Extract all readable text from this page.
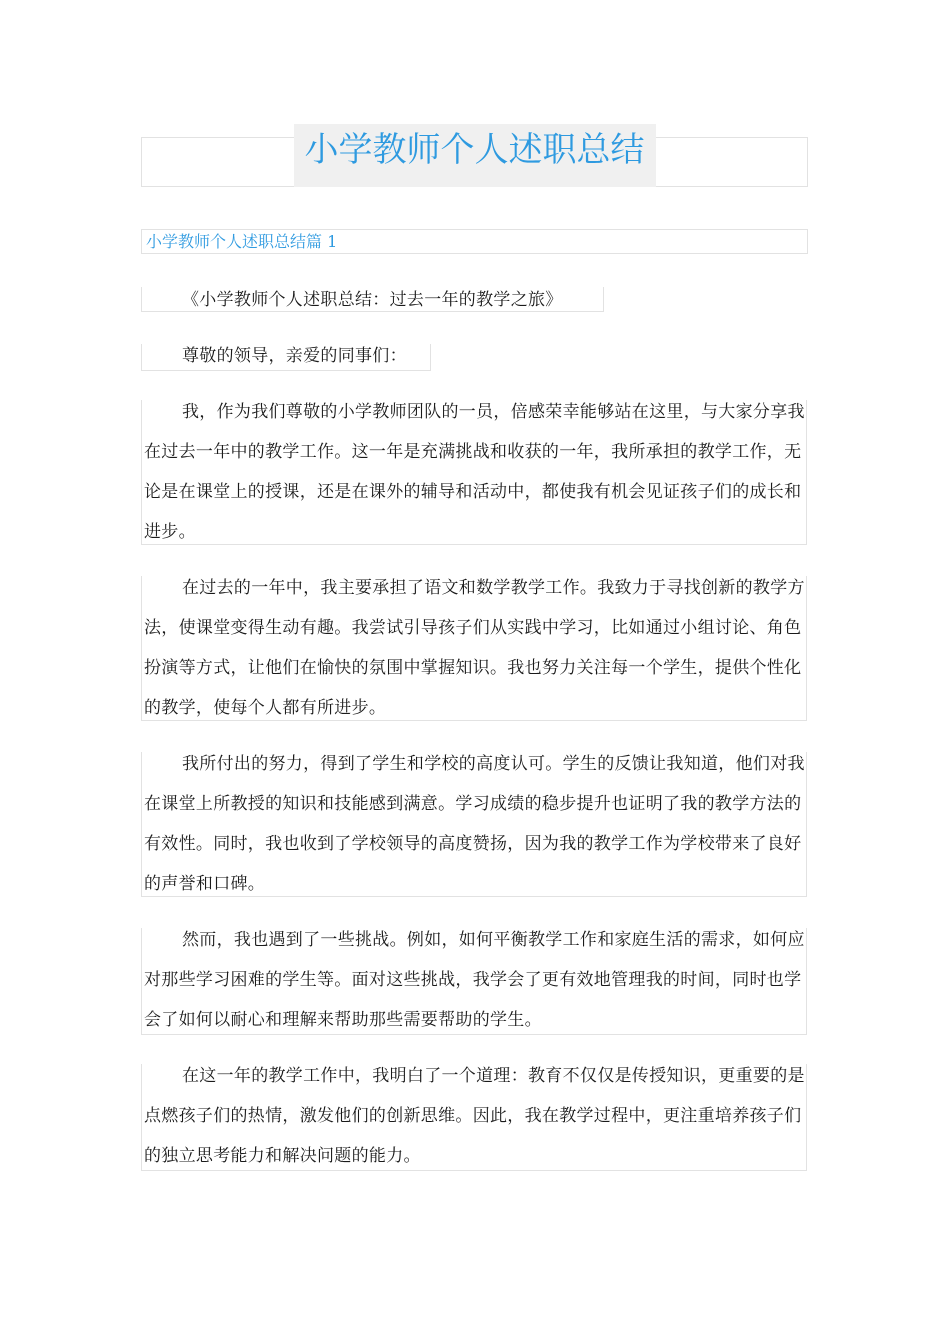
小学教师个人述职总结
小学教师个人述职总结篇 1

《小学教师个人述职总结：过去一年的教学之旅》

尊敬的领导，亲爱的同事们：

我，作为我们尊敬的小学教师团队的一员，倍感荣幸能够站在这里，与大家分享我在过去一年中的教学工作。这一年是充满挑战和收获的一年，我所承担的教学工作，无论是在课堂上的授课，还是在课外的辅导和活动中，都使我有机会见证孩子们的成长和进步。

在过去的一年中，我主要承担了语文和数学教学工作。我致力于寻找创新的教学方法，使课堂变得生动有趣。我尝试引导孩子们从实践中学习，比如通过小组讨论、角色扮演等方式，让他们在愉快的氛围中掌握知识。我也努力关注每一个学生，提供个性化的教学，使每个人都有所进步。

我所付出的努力，得到了学生和学校的高度认可。学生的反馈让我知道，他们对我在课堂上所教授的知识和技能感到满意。学习成绩的稳步提升也证明了我的教学方法的有效性。同时，我也收到了学校领导的高度赞扬，因为我的教学工作为学校带来了良好的声誉和口碑。

然而，我也遇到了一些挑战。例如，如何平衡教学工作和家庭生活的需求，如何应对那些学习困难的学生等。面对这些挑战，我学会了更有效地管理我的时间，同时也学会了如何以耐心和理解来帮助那些需要帮助的学生。

在这一年的教学工作中，我明白了一个道理：教育不仅仅是传授知识，更重要的是点燃孩子们的热情，激发他们的创新思维。因此，我在教学过程中，更注重培养孩子们的独立思考能力和解决问题的能力。
